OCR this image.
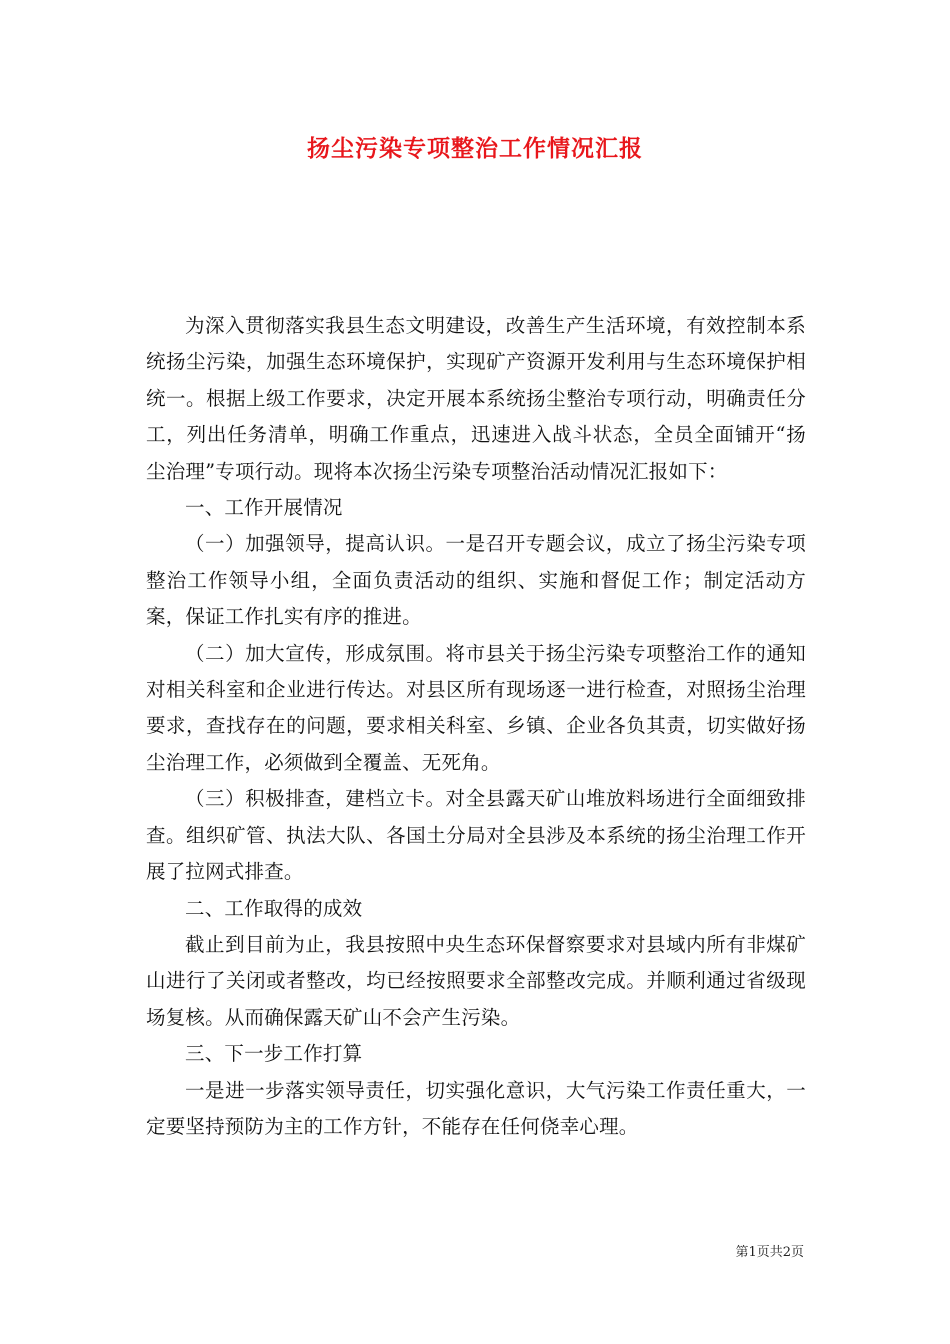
扬尘污染专项整治工作情况汇报

为深入贯彻落实我县生态文明建设，改善生产生活环境，有效控制本系统扬尘污染，加强生态环境保护，实现矿产资源开发利用与生态环境保护相统一。根据上级工作要求，决定开展本系统扬尘整治专项行动，明确责任分工，列出任务清单，明确工作重点，迅速进入战斗状态，全员全面铺开“扬尘治理”专项行动。现将本次扬尘污染专项整治活动情况汇报如下：

一、工作开展情况

（一）加强领导，提高认识。一是召开专题会议，成立了扬尘污染专项整治工作领导小组，全面负责活动的组织、实施和督促工作；制定活动方案，保证工作扎实有序的推进。

（二）加大宣传，形成氛围。将市县关于扬尘污染专项整治工作的通知对相关科室和企业进行传达。对县区所有现场逐一进行检查，对照扬尘治理要求，查找存在的问题，要求相关科室、乡镇、企业各负其责，切实做好扬尘治理工作，必须做到全覆盖、无死角。

（三）积极排查，建档立卡。对全县露天矿山堆放料场进行全面细致排查。组织矿管、执法大队、各国土分局对全县涉及本系统的扬尘治理工作开展了拉网式排查。

二、工作取得的成效

截止到目前为止，我县按照中央生态环保督察要求对县域内所有非煤矿山进行了关闭或者整改，均已经按照要求全部整改完成。并顺利通过省级现场复核。从而确保露天矿山不会产生污染。

三、下一步工作打算

一是进一步落实领导责任，切实强化意识，大气污染工作责任重大，一定要坚持预防为主的工作方针，不能存在任何侥幸心理。

第1页共2页
